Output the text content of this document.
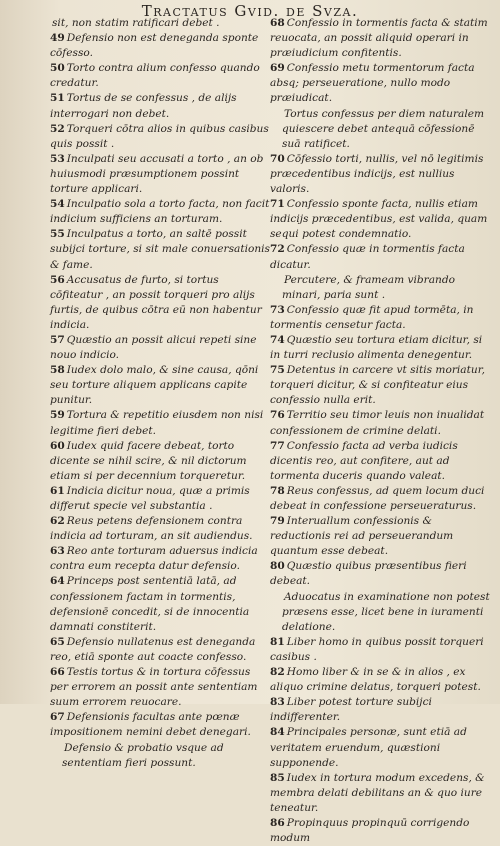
Tractatus Gvid. de Svza.

sit, non statim ratificari debet .

49 Defensio non est deneganda sponte cōfesso.

50 Torto contra alium confesso quando credatur.

51 Tortus de se confessus , de alijs interrogari non debet.

52 Torqueri cōtra alios in quibus casibus quis possit .

53 Inculpati seu accusati a torto , an ob huiusmodi præsumptionem possint torture applicari.

54 Inculpatio sola a torto facta, non facit indicium sufficiens an torturam.

55 Inculpatus a torto, an saltē possit subijci torture, si sit male conuersationis & fame.

56 Accusatus de furto, si tortus cōfiteatur , an possit torqueri pro alijs furtis, de quibus cōtra eū non habentur indicia.

57 Quæstio an possit alicui repeti sine nouo indicio.

58 Iudex dolo malo, & sine causa, qōni seu torture aliquem applicans capite punitur.

59 Tortura & repetitio eiusdem non nisi legitime fieri debet.

60 Iudex quid facere debeat, torto dicente se nihil scire, & nil dictorum etiam si per decennium torqueretur.

61 Indicia dicitur noua, quæ a primis differut specie vel substantia .

62 Reus petens defensionem contra indicia ad torturam, an sit audiendus.

63 Reo ante torturam aduersus indicia contra eum recepta datur defensio.

64 Princeps post sententiā latā, ad confessionem factam in tormentis, defensionē concedit, si de innocentia damnati constiterit.

65 Defensio nullatenus est deneganda reo, etiā sponte aut coacte confesso.

66 Testis tortus & in tortura cōfessus per errorem an possit ante sententiam suum errorem reuocare.

67 Defensionis facultas ante pœnæ impositionem nemini debet denegari.

Defensio & probatio vsque ad sententiam fieri possunt.

68 Confessio in tormentis facta & statim reuocata, an possit aliquid operari in præiudicium confitentis.

69 Confessio metu tormentorum facta absq; perseueratione, nullo modo præiudicat.

Tortus confessus per diem naturalem quiescere debet antequā cōfessionē suā ratificet.

70 Cōfessio torti, nullis, vel nō legitimis præcedentibus indicijs, est nullius valoris.

71 Confessio sponte facta, nullis etiam indicijs præcedentibus, est valida, quam sequi potest condemnatio.

72 Confessio quæ in tormentis facta dicatur.

Percutere, & frameam vibrando minari, paria sunt .

73 Confessio quæ fit apud tormēta, in tormentis censetur facta.

74 Quæstio seu tortura etiam dicitur, si in turri reclusio alimenta denegentur.

75 Detentus in carcere vt sitis moriatur, torqueri dicitur, & si confiteatur eius confessio nulla erit.

76 Territio seu timor leuis non inualidat confessionem de crimine delati.

77 Confessio facta ad verba iudicis dicentis reo, aut confitere, aut ad tormenta duceris quando valeat.

78 Reus confessus, ad quem locum duci debeat in confessione perseueraturus.

79 Interuallum confessionis & reductionis rei ad perseuerandum quantum esse debeat.

80 Quæstio quibus præsentibus fieri debeat.

Aduocatus in examinatione non potest præsens esse, licet bene in iuramenti delatione.

81 Liber homo in quibus possit torqueri casibus .

82 Homo liber & in se & in alios , ex aliquo crimine delatus, torqueri potest.

83 Liber potest torture subijci indifferenter.

84 Principales personæ, sunt etiā ad veritatem eruendum, quæstioni supponende.

85 Iudex in tortura modum excedens, & membra delati debilitans an & quo iure teneatur.

86 Propinquus propinquū corrigendo modum
